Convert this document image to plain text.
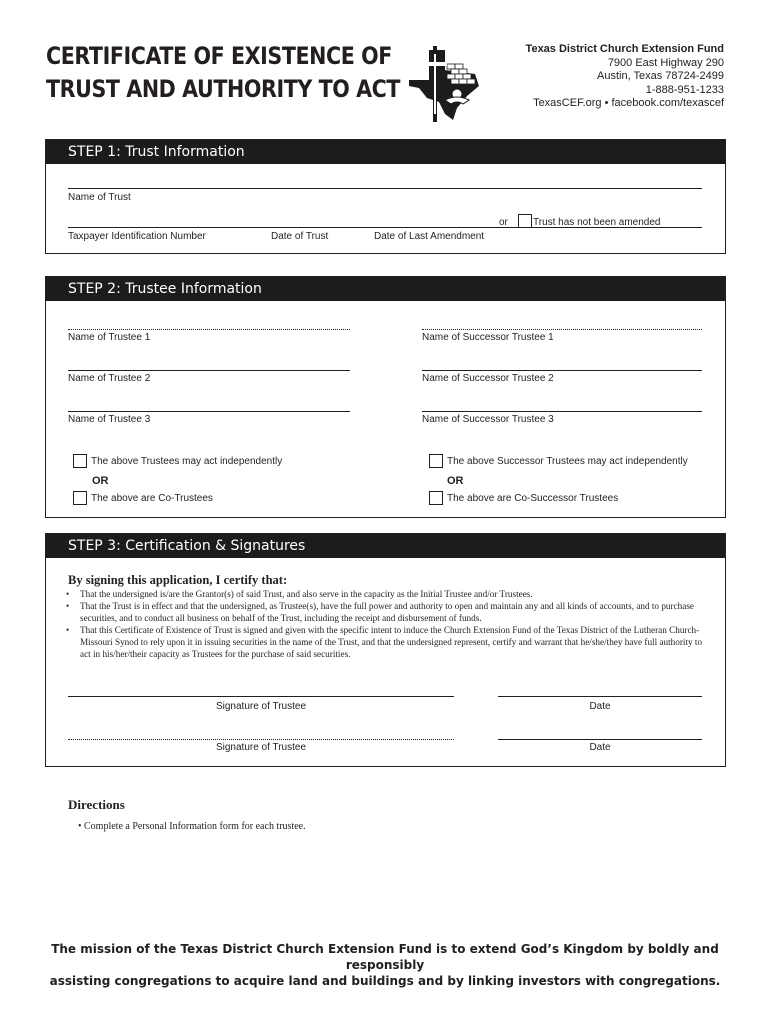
CERTIFICATE OF EXISTENCE OF
TRUST AND AUTHORITY TO ACT
Texas District Church Extension Fund
7900 East Highway 290
Austin, Texas 78724-2499
1-888-951-1233
TexasCEF.org • facebook.com/texascef
STEP 1: Trust Information
Name of Trust
Taxpayer Identification Number	Date of Trust	Date of Last Amendment
or	Trust has not been amended
STEP 2: Trustee Information
Name of Trustee 1	Name of Successor Trustee 1
Name of Trustee 2	Name of Successor Trustee 2
Name of Trustee 3	Name of Successor Trustee 3
The above Trustees may act independently
OR
The above are Co-Trustees
The above Successor Trustees may act independently
OR
The above are Co-Successor Trustees
STEP 3: Certification & Signatures
By signing this application, I certify that:
• That the undersigned is/are the Grantor(s) of said Trust, and also serve in the capacity as the Initial Trustee and/or Trustees.
• That the Trust is in effect and that the undersigned, as Trustee(s), have the full power and authority to open and maintain any and all kinds of accounts, and to purchase securities, and to conduct all business on behalf of the Trust, including the receipt and disbursement of funds.
• That this Certificate of Existence of Trust is signed and given with the specific intent to induce the Church Extension Fund of the Texas District of the Lutheran Church-Missouri Synod to rely upon it in issuing securities in the name of the Trust, and that the undersigned represent, certify and warrant that he/she/they have full authority to act in his/her/their capacity as Trustees for the purchase of said securities.
Signature of Trustee	Date
Signature of Trustee	Date
Directions
• Complete a Personal Information form for each trustee.
The mission of the Texas District Church Extension Fund is to extend God’s Kingdom by boldly and responsibly
assisting congregations to acquire land and buildings and by linking investors with congregations.
